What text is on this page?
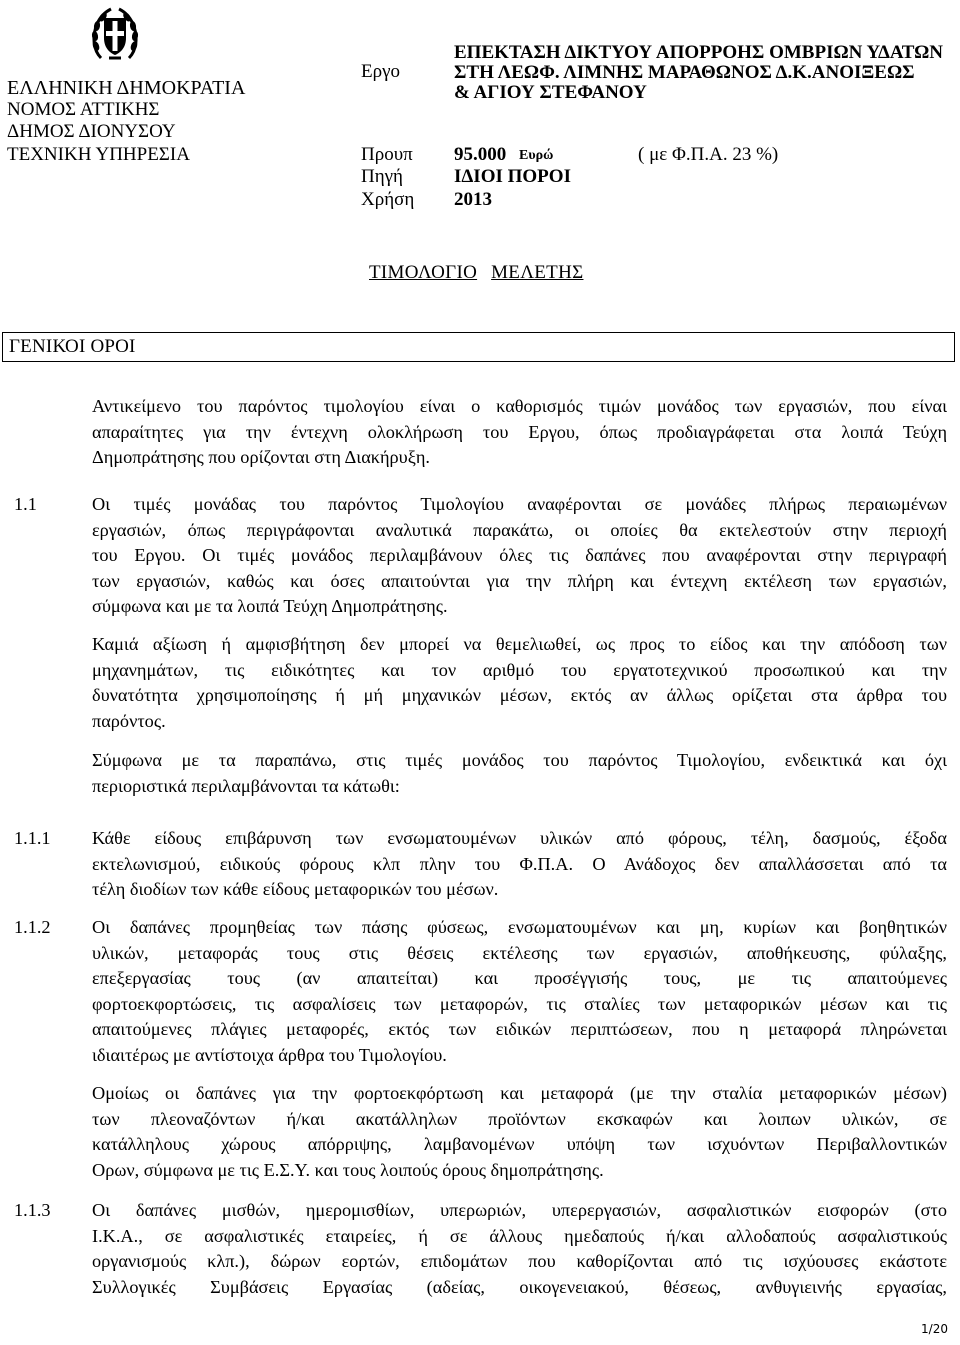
ΕΛΛΗΝΙΚΗ ΔΗΜΟΚΡΑΤΙΑ
ΝΟΜΟΣ ΑΤΤΙΚΗΣ
ΔΗΜΟΣ ΔΙΟΝΥΣΟΥ
ΤΕΧΝΙΚΗ ΥΠΗΡΕΣΙΑ
Εργο
ΕΠΕΚΤΑΣΗ ΔΙΚΤΥΟΥ ΑΠΟΡΡΟΗΣ ΟΜΒΡΙΩΝ ΥΔΑΤΩΝ
ΣΤΗ ΛΕΩΦ. ΛΙΜΝΗΣ ΜΑΡΑΘΩΝΟΣ Δ.Κ.ΑΝΟΙΞΕΩΣ
& ΑΓΙΟΥ ΣΤΕΦΑΝΟΥ
Προυπ 95.000 Ευρώ	( με Φ.Π.Α. 23 %)
Πηγή	ΙΔΙΟΙ ΠΟΡΟΙ
Χρήση 2013
ΤΙΜΟΛΟΓΙΟ ΜΕΛΕΤΗΣ
ΓΕΝΙΚΟΙ ΟΡΟΙ
Αντικείμενο του παρόντος τιμολογίου είναι ο καθορισμός τιμών μονάδος των εργασιών, που είναι
απαραίτητες για την έντεχνη ολοκλήρωση του Εργου, όπως προδιαγράφεται στα λοιπά Τεύχη
Δημοπράτησης που ορίζονται στη Διακήρυξη.
1.1	Οι τιμές μονάδας του παρόντος Τιμολογίου αναφέρονται σε μονάδες πλήρως περαιωμένων
εργασιών, όπως περιγράφονται αναλυτικά παρακάτω, οι οποίες θα εκτελεστούν στην περιοχή
του Εργου. Οι τιμές μονάδος περιλαμβάνουν όλες τις δαπάνες που αναφέρονται στην περιγραφή
των εργασιών, καθώς και όσες απαιτούνται για την πλήρη και έντεχνη εκτέλεση των εργασιών,
σύμφωνα και με τα λοιπά Τεύχη Δημοπράτησης.
Καμιά αξίωση ή αμφισβήτηση δεν μπορεί να θεμελιωθεί, ως προς το είδος και την απόδοση των
μηχανημάτων, τις ειδικότητες και τον αριθμό του εργατοτεχνικού προσωπικού και την
δυνατότητα χρησιμοποίησης ή μή μηχανικών μέσων, εκτός αν άλλως ορίζεται στα άρθρα του
παρόντος.
Σύμφωνα με τα παραπάνω, στις τιμές μονάδος του παρόντος Τιμολογίου, ενδεικτικά και όχι
περιοριστικά περιλαμβάνονται τα κάτωθι:
1.1.1 Κάθε είδους επιβάρυνση των ενσωματουμένων υλικών από φόρους, τέλη, δασμούς, έξοδα
εκτελωνισμού, ειδικούς φόρους κλπ πλην του Φ.Π.Α. Ο Ανάδοχος δεν απαλλάσσεται από τα
τέλη διοδίων των κάθε είδους μεταφορικών του μέσων.
1.1.2 Οι δαπάνες προμηθείας των πάσης φύσεως, ενσωματουμένων και μη, κυρίων και βοηθητικών
υλικών, μεταφοράς τους στις θέσεις εκτέλεσης των εργασιών, αποθήκευσης, φύλαξης,
επεξεργασίας τους (αν απαιτείται) και προσέγγισής τους, με τις απαιτούμενες
φορτοεκφορτώσεις, τις ασφαλίσεις των μεταφορών, τις σταλίες των μεταφορικών μέσων και τις
απαιτούμενες πλάγιες μεταφορές, εκτός των ειδικών περιπτώσεων, που η μεταφορά πληρώνεται
ιδιαιτέρως με αντίστοιχα άρθρα του Τιμολογίου.
Ομοίως οι δαπάνες για την φορτοεκφόρτωση και μεταφορά (με την σταλία μεταφορικών μέσων)
των πλεοναζόντων ή/και ακατάλληλων προϊόντων εκσκαφών και λοιπων υλικών, σε
κατάλληλους χώρους απόρριψης, λαμβανομένων υπόψη των ισχυόντων Περιβαλλοντικών
Ορων, σύμφωνα με τις Ε.Σ.Υ. και τους λοιπούς όρους δημοπράτησης.
1.1.3 Οι δαπάνες μισθών, ημερομισθίων, υπερωριών, υπερεργασιών, ασφαλιστικών εισφορών (στο
Ι.Κ.Α., σε ασφαλιστικές εταιρείες, ή σε άλλους ημεδαπούς ή/και αλλοδαπούς ασφαλιστικούς
οργανισμούς κλπ.), δώρων εορτών, επιδομάτων που καθορίζονται από τις ισχύουσες εκάστοτε
Συλλογικές Συμβάσεις Εργασίας (αδείας, οικογενειακού, θέσεως, ανθυγιεινής εργασίας,
1/20
